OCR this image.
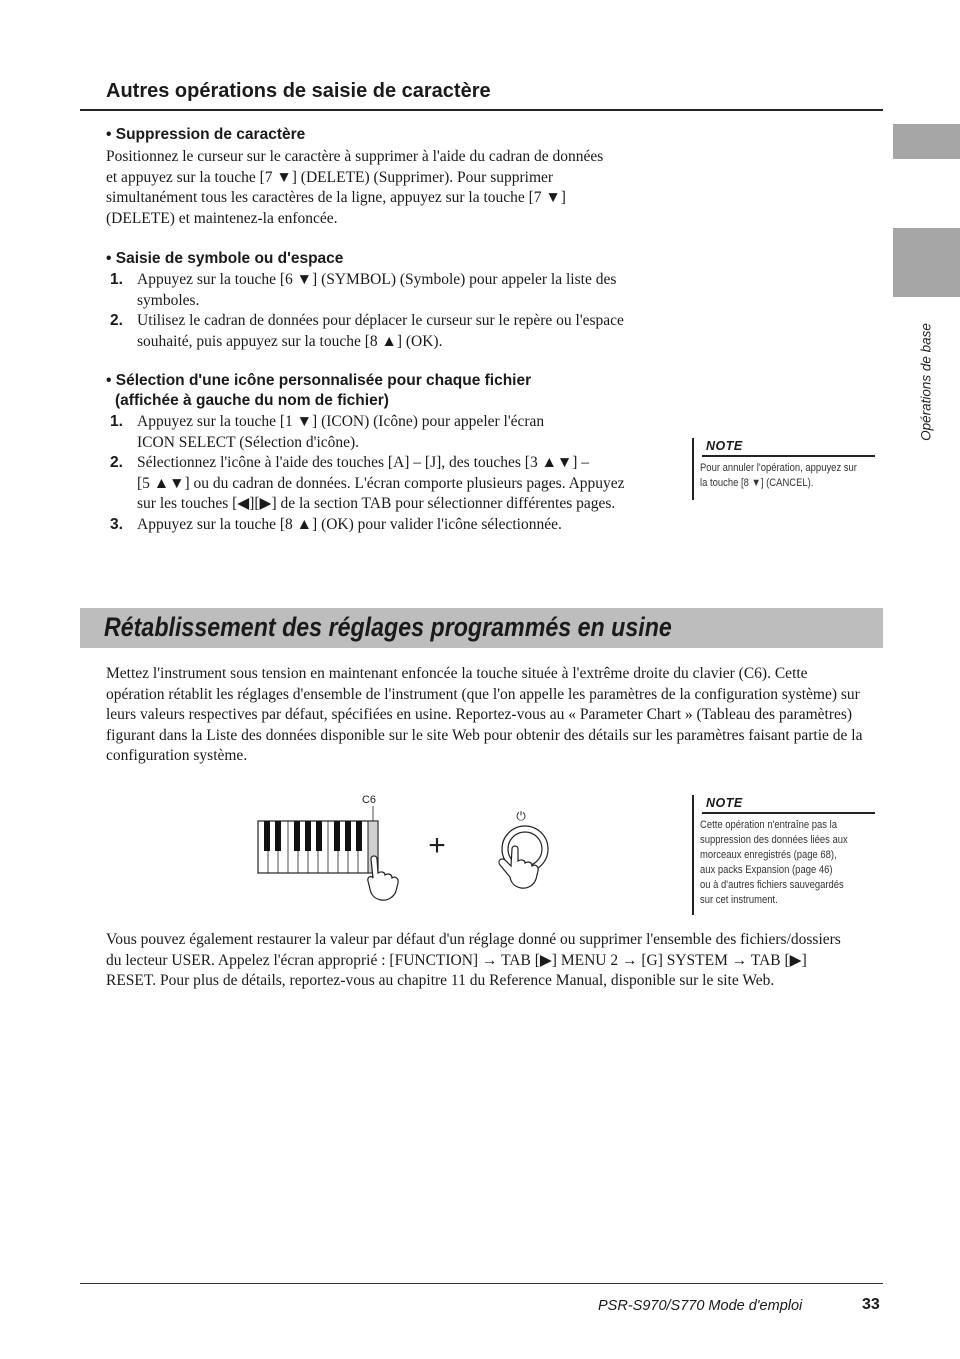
Autres opérations de saisie de caractère
• Suppression de caractère
Positionnez le curseur sur le caractère à supprimer à l'aide du cadran de données
et appuyez sur la touche [7 ▼] (DELETE) (Supprimer). Pour supprimer
simultanément tous les caractères de la ligne, appuyez sur la touche [7 ▼]
(DELETE) et maintenez-la enfoncée.
• Saisie de symbole ou d'espace
1. Appuyez sur la touche [6 ▼] (SYMBOL) (Symbole) pour appeler la liste des
symboles.
2. Utilisez le cadran de données pour déplacer le curseur sur le repère ou l'espace
souhaité, puis appuyez sur la touche [8 ▲] (OK).
• Sélection d'une icône personnalisée pour chaque fichier
(affichée à gauche du nom de fichier)
1. Appuyez sur la touche [1 ▼] (ICON) (Icône) pour appeler l'écran
ICON SELECT (Sélection d'icône).
2. Sélectionnez l'icône à l'aide des touches [A] – [J], des touches [3 ▲▼] –
[5 ▲▼] ou du cadran de données. L'écran comporte plusieurs pages. Appuyez
sur les touches [◀][▶] de la section TAB pour sélectionner différentes pages.
3. Appuyez sur la touche [8 ▲] (OK) pour valider l'icône sélectionnée.
NOTE
Pour annuler l'opération, appuyez sur
la touche [8 ▼] (CANCEL).
Opérations de base
Rétablissement des réglages programmés en usine
Mettez l'instrument sous tension en maintenant enfoncée la touche située à l'extrême droite du clavier (C6). Cette
opération rétablit les réglages d'ensemble de l'instrument (que l'on appelle les paramètres de la configuration système) sur
leurs valeurs respectives par défaut, spécifiées en usine. Reportez-vous au « Parameter Chart » (Tableau des paramètres)
figurant dans la Liste des données disponible sur le site Web pour obtenir des détails sur les paramètres faisant partie de la
configuration système.
C6
+
⏻
NOTE
Cette opération n'entraîne pas la
suppression des données liées aux
morceaux enregistrés (page 68),
aux packs Expansion (page 46)
ou à d'autres fichiers sauvegardés
sur cet instrument.
Vous pouvez également restaurer la valeur par défaut d'un réglage donné ou supprimer l'ensemble des fichiers/dossiers
du lecteur USER. Appelez l'écran approprié : [FUNCTION] → TAB [▶] MENU 2 → [G] SYSTEM → TAB [▶]
RESET. Pour plus de détails, reportez-vous au chapitre 11 du Reference Manual, disponible sur le site Web.
PSR-S970/S770 Mode d'emploi	33
